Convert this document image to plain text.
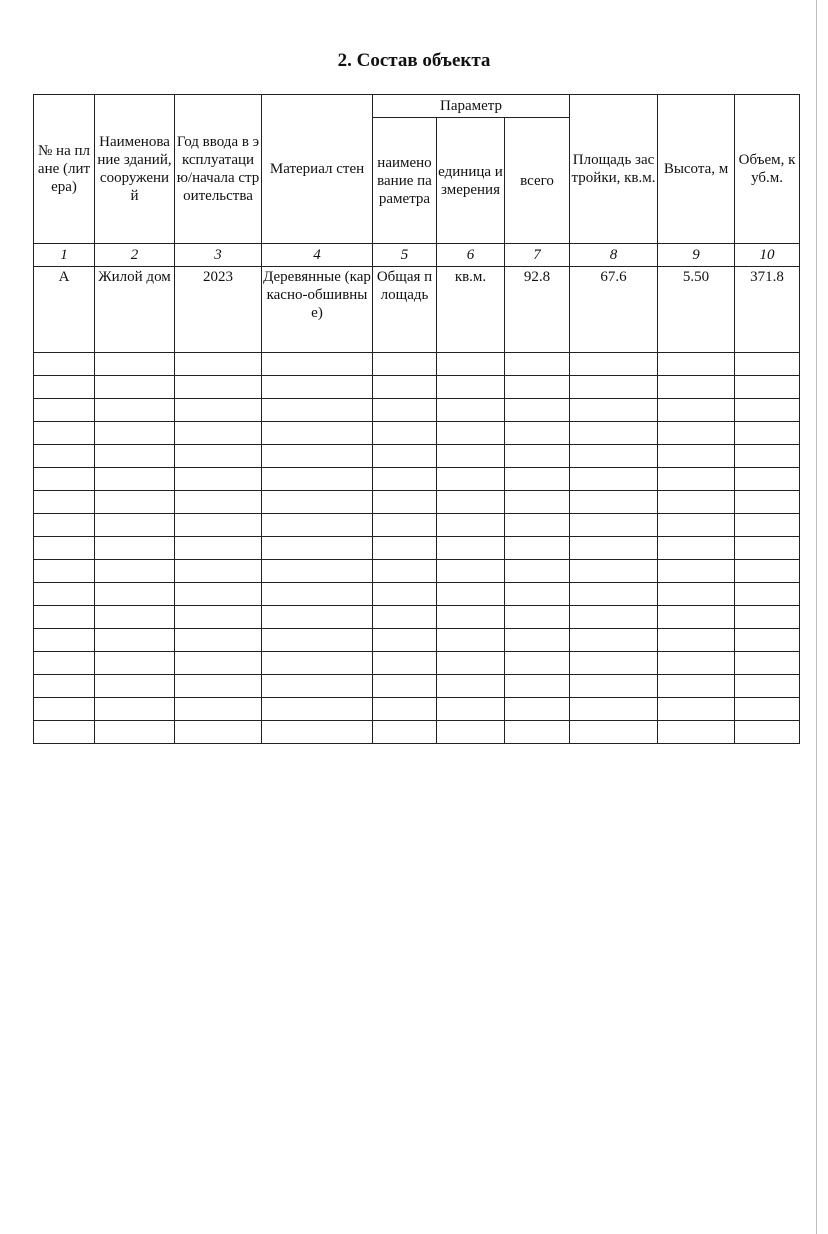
2. Состав объекта
№ на плане (литера)	Наименование зданий, сооружений	Год ввода в эксплуатацию/начала строительства	Материал стен	Параметр			Площадь застройки, кв.м.	Высота, м	Объем, куб.м.
				наименование параметра	единица измерения	всего			
1	2	3	4	5	6	7	8	9	10
А	Жилой дом	2023	Деревянные (каркасно-обшивные)	Общая площадь	кв.м.	92.8	67.6	5.50	371.8
